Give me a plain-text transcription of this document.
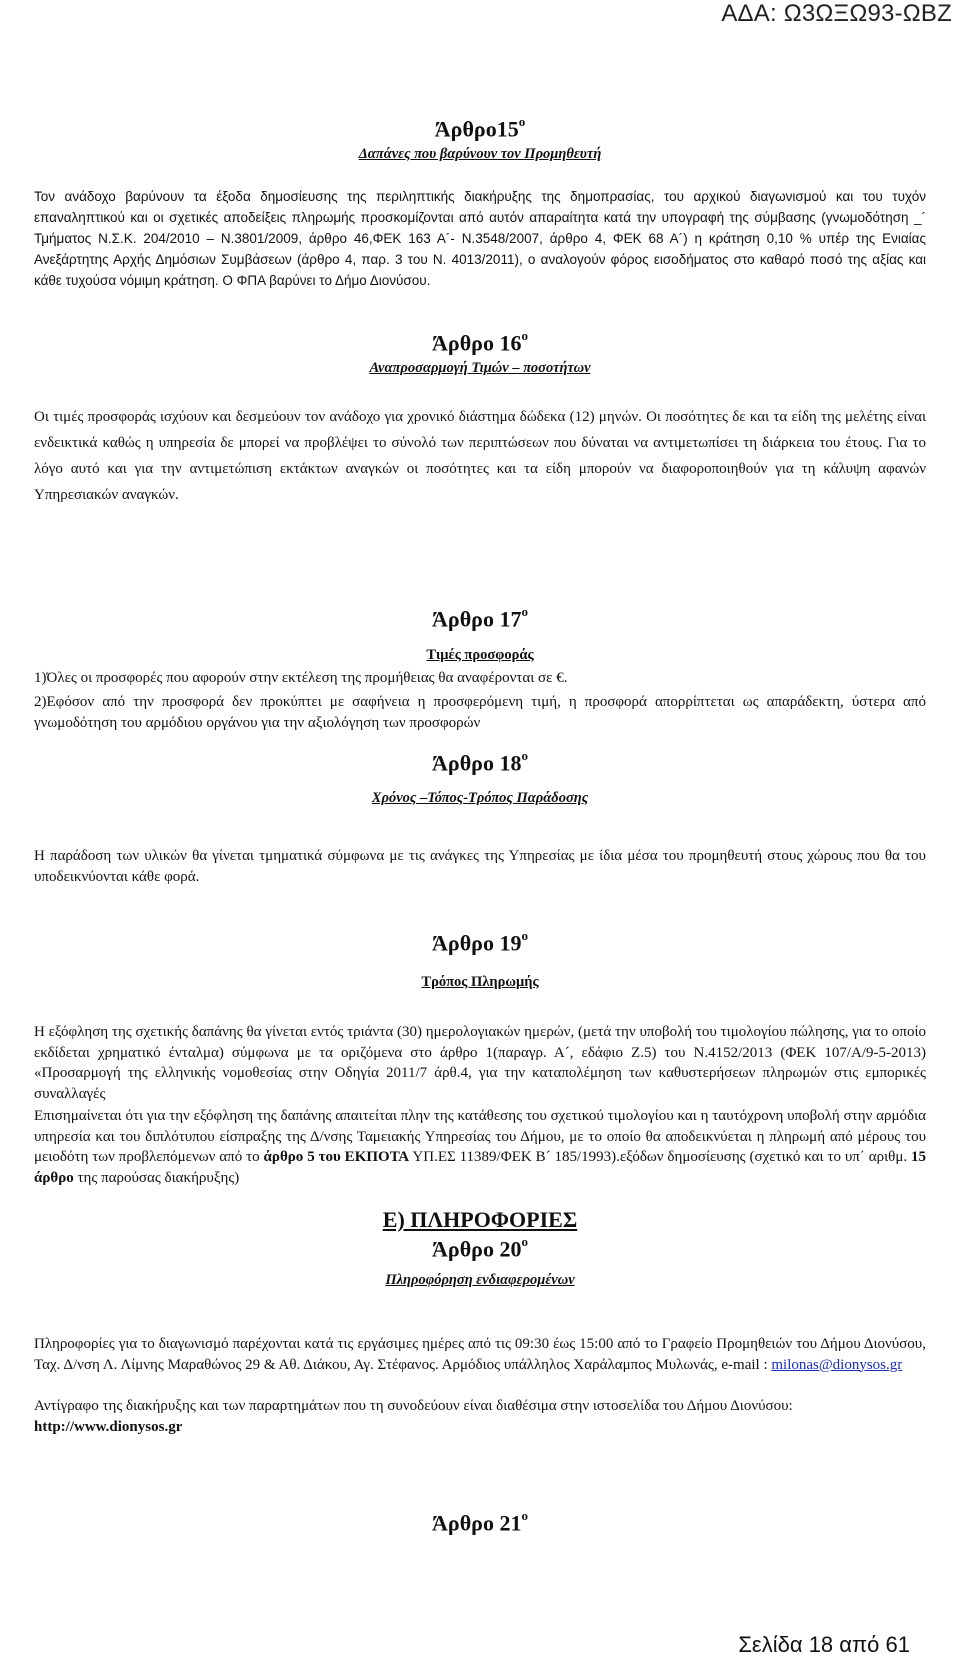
ΑΔΑ: Ω3ΩΞΩ93-ΩΒΖ
$Ά\rho\theta\rho o15^o$
Δαπάνες που βαρύνουν τον Προμηθευτή
Τον ανάδοχο βαρύνουν τα έξοδα δημοσίευσης της περιληπτικής διακήρυξης της δημοπρασίας, του αρχικού διαγωνισμού και του τυχόν επαναληπτικού και οι σχετικές αποδείξεις πληρωμής προσκομίζονται από αυτόν απαραίτητα κατά την υπογραφή της σύμβασης (γνωμοδότηση _´ Τμήματος Ν.Σ.Κ. 204/2010 – Ν.3801/2009, άρθρο 46,ΦΕΚ 163 Α´- Ν.3548/2007, άρθρο 4, ΦΕΚ 68 Α´) η κράτηση 0,10 % υπέρ της Ενιαίας Ανεξάρτητης Αρχής Δημόσιων Συμβάσεων (άρθρο 4, παρ. 3 του Ν. 4013/2011), ο αναλογούν φόρος εισοδήματος στο καθαρό ποσό της αξίας και κάθε τυχούσα νόμιμη κράτηση. Ο ΦΠΑ βαρύνει το Δήμο Διονύσου.
Άρθρο $16^o$
Αναπροσαρμογή Τιμών – ποσοτήτων
Οι τιμές προσφοράς ισχύουν και δεσμεύουν τον ανάδοχο για χρονικό διάστημα δώδεκα (12) μηνών. Οι ποσότητες δε και τα είδη της μελέτης είναι ενδεικτικά καθώς η υπηρεσία δε μπορεί να προβλέψει το σύνολό των περιπτώσεων που δύναται να αντιμετωπίσει τη διάρκεια του έτους. Για το λόγο αυτό και για την αντιμετώπιση εκτάκτων αναγκών οι ποσότητες και τα είδη μπορούν να διαφοροποιηθούν για τη κάλυψη αφανών Υπηρεσιακών αναγκών.
Άρθρο $17^o$
Τιμές προσφοράς
1)Όλες οι προσφορές που αφορούν στην εκτέλεση της προμήθειας θα αναφέρονται σε €.
2)Εφόσον από την προσφορά δεν προκύπτει με σαφήνεια η προσφερόμενη τιμή, η προσφορά απορρίπτεται ως απαράδεκτη, ύστερα από γνωμοδότηση του αρμόδιου οργάνου για την αξιολόγηση των προσφορών
Άρθρο $18^o$
Χρόνος –Τόπος-Τρόπος Παράδοσης
Η παράδοση των υλικών θα γίνεται τμηματικά σύμφωνα με τις ανάγκες της Υπηρεσίας με ίδια μέσα του προμηθευτή στους χώρους που θα του υποδεικνύονται κάθε φορά.
Άρθρο $19^o$
Τρόπος Πληρωμής
Η εξόφληση της σχετικής δαπάνης θα γίνεται εντός τριάντα (30) ημερολογιακών ημερών, (μετά την υποβολή του τιμολογίου πώλησης, για το οποίο εκδίδεται χρηματικό ένταλμα) σύμφωνα με τα οριζόμενα στο άρθρο 1(παραγρ. Α´, εδάφιο Ζ.5) του Ν.4152/2013 (ΦΕΚ 107/Α/9-5-2013) «Προσαρμογή της ελληνικής νομοθεσίας στην Οδηγία 2011/7 άρθ.4, για την καταπολέμηση των καθυστερήσεων πληρωμών στις εμπορικές συναλλαγές
Επισημαίνεται ότι για την εξόφληση της δαπάνης απαιτείται πλην της κατάθεσης του σχετικού τιμολογίου και η ταυτόχρονη υποβολή στην αρμόδια υπηρεσία και του διπλότυπου είσπραξης της Δ/νσης Ταμειακής Υπηρεσίας του Δήμου, με το οποίο θα αποδεικνύεται η πληρωμή από μέρους του μειοδότη των προβλεπόμενων από το άρθρο 5 του ΕΚΠΟΤΑ ΥΠ.ΕΣ 11389/ΦΕΚ Β´ 185/1993).εξόδων δημοσίευσης (σχετικό και το υπ΄ αριθμ. 15 άρθρο της παρούσας διακήρυξης)
Ε) ΠΛΗΡΟΦΟΡΙΕΣ
Άρθρο $20^o$
Πληροφόρηση ενδιαφερομένων
Πληροφορίες για το διαγωνισμό παρέχονται κατά τις εργάσιμες ημέρες από τις 09:30 έως 15:00 από το Γραφείο Προμηθειών του Δήμου Διονύσου, Ταχ. Δ/νση Λ. Λίμνης Μαραθώνος 29 & Αθ. Διάκου, Αγ. Στέφανος. Αρμόδιος υπάλληλος Χαράλαμπος Μυλωνάς, e-mail : milonas@dionysos.gr
Αντίγραφο της διακήρυξης και των παραρτημάτων που τη συνοδεύουν είναι διαθέσιμα στην ιστοσελίδα του Δήμου Διονύσου:
http://www.dionysos.gr
Άρθρο $21^o$
Σελίδα 18 από 61
